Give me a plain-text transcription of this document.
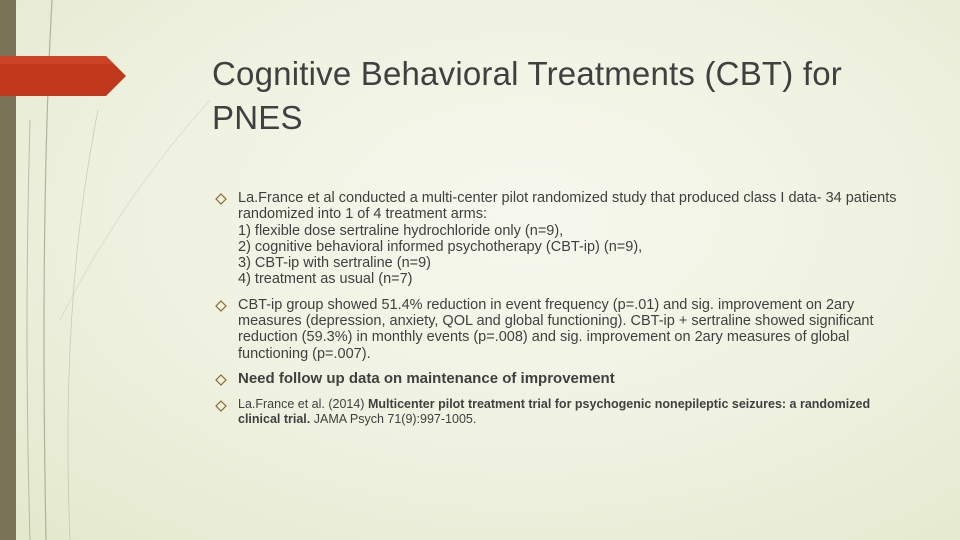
Cognitive Behavioral Treatments (CBT) for PNES
La.France et al conducted a multi-center pilot randomized study that produced class I data- 34 patients randomized into 1 of 4 treatment arms:
1) flexible dose sertraline hydrochloride only (n=9),
2) cognitive behavioral informed psychotherapy (CBT-ip) (n=9),
3) CBT-ip with sertraline (n=9)
4) treatment as usual (n=7)
CBT-ip group showed 51.4% reduction in event frequency (p=.01) and sig. improvement on 2ary measures (depression, anxiety, QOL and global functioning). CBT-ip + sertraline showed significant reduction (59.3%) in monthly events (p=.008) and sig. improvement on 2ary measures of global functioning (p=.007).
Need follow up data on maintenance of improvement
La.France et al. (2014) Multicenter pilot treatment trial for psychogenic nonepileptic seizures: a randomized clinical trial. JAMA Psych 71(9):997-1005.
